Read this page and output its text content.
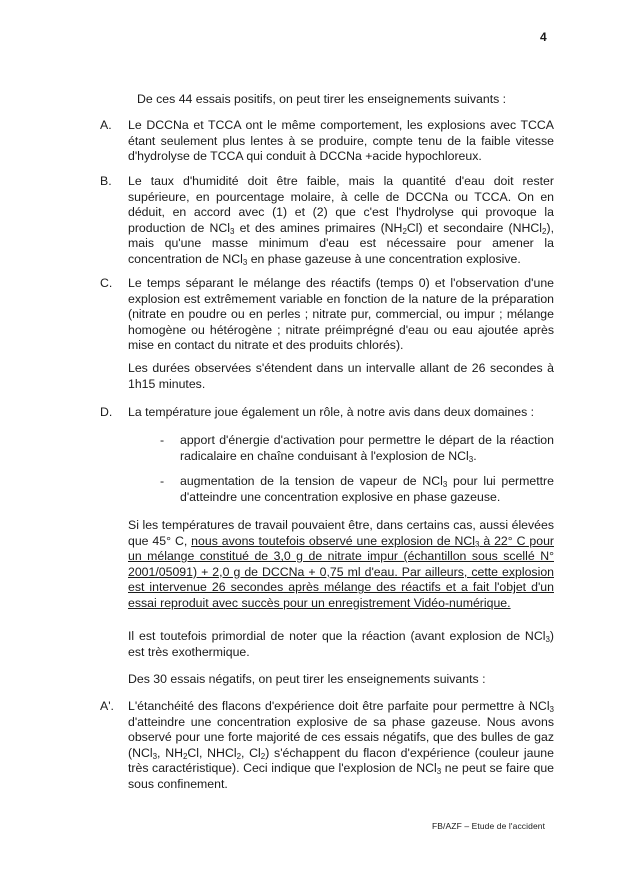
4
De ces 44 essais positifs, on peut tirer les enseignements suivants :
A. Le DCCNa et TCCA ont le même comportement, les explosions avec TCCA étant seulement plus lentes à se produire, compte tenu de la faible vitesse d'hydrolyse de TCCA qui conduit à DCCNa +acide hypochloreux.
B. Le taux d'humidité doit être faible, mais la quantité d'eau doit rester supérieure, en pourcentage molaire, à celle de DCCNa ou TCCA. On en déduit, en accord avec (1) et (2) que c'est l'hydrolyse qui provoque la production de NCl$_3$ et des amines primaires $(NH_2Cl)$ et secondaire (NHCl$_2$), mais qu'une masse minimum d'eau est nécessaire pour amener la concentration de NCl$_3$ en phase gazeuse à une concentration explosive.
C. Le temps séparant le mélange des réactifs (temps 0) et l'observation d'une explosion est extrêmement variable en fonction de la nature de la préparation (nitrate en poudre ou en perles ; nitrate pur, commercial, ou impur ; mélange homogène ou hétérogène ; nitrate préimprégné d'eau ou eau ajoutée après mise en contact du nitrate et des produits chlorés).
Les durées observées s'étendent dans un intervalle allant de 26 secondes à 1h15 minutes.
D. La température joue également un rôle, à notre avis dans deux domaines :
- apport d'énergie d'activation pour permettre le départ de la réaction radicalaire en chaîne conduisant à l'explosion de NCl$_3$.
- augmentation de la tension de vapeur de NCl$_3$ pour lui permettre d'atteindre une concentration explosive en phase gazeuse.
Si les températures de travail pouvaient être, dans certains cas, aussi élevées que 45° C, nous avons toutefois observé une explosion de NCl$_3$ à 22° C pour un mélange constitué de 3,0 g de nitrate impur (échantillon sous scellé N° 2001/05091) + 2,0 g de DCCNa + 0,75 ml d'eau. Par ailleurs, cette explosion est intervenue 26 secondes après mélange des réactifs et a fait l'objet d'un essai reproduit avec succès pour un enregistrement Vidéo-numérique.
Il est toutefois primordial de noter que la réaction (avant explosion de NCl$_3$) est très exothermique.
Des 30 essais négatifs, on peut tirer les enseignements suivants :
A'. L'étanchéité des flacons d'expérience doit être parfaite pour permettre à NCl$_3$ d'atteindre une concentration explosive de sa phase gazeuse. Nous avons observé pour une forte majorité de ces essais négatifs, que des bulles de gaz (NCl$_3$, $NH_2Cl$, NHCl$_2$, $Cl_2$) s'échappent du flacon d'expérience (couleur jaune très caractéristique). Ceci indique que l'explosion de NCl$_3$ ne peut se faire que sous confinement.
FB/AZF – Etude de l'accident
